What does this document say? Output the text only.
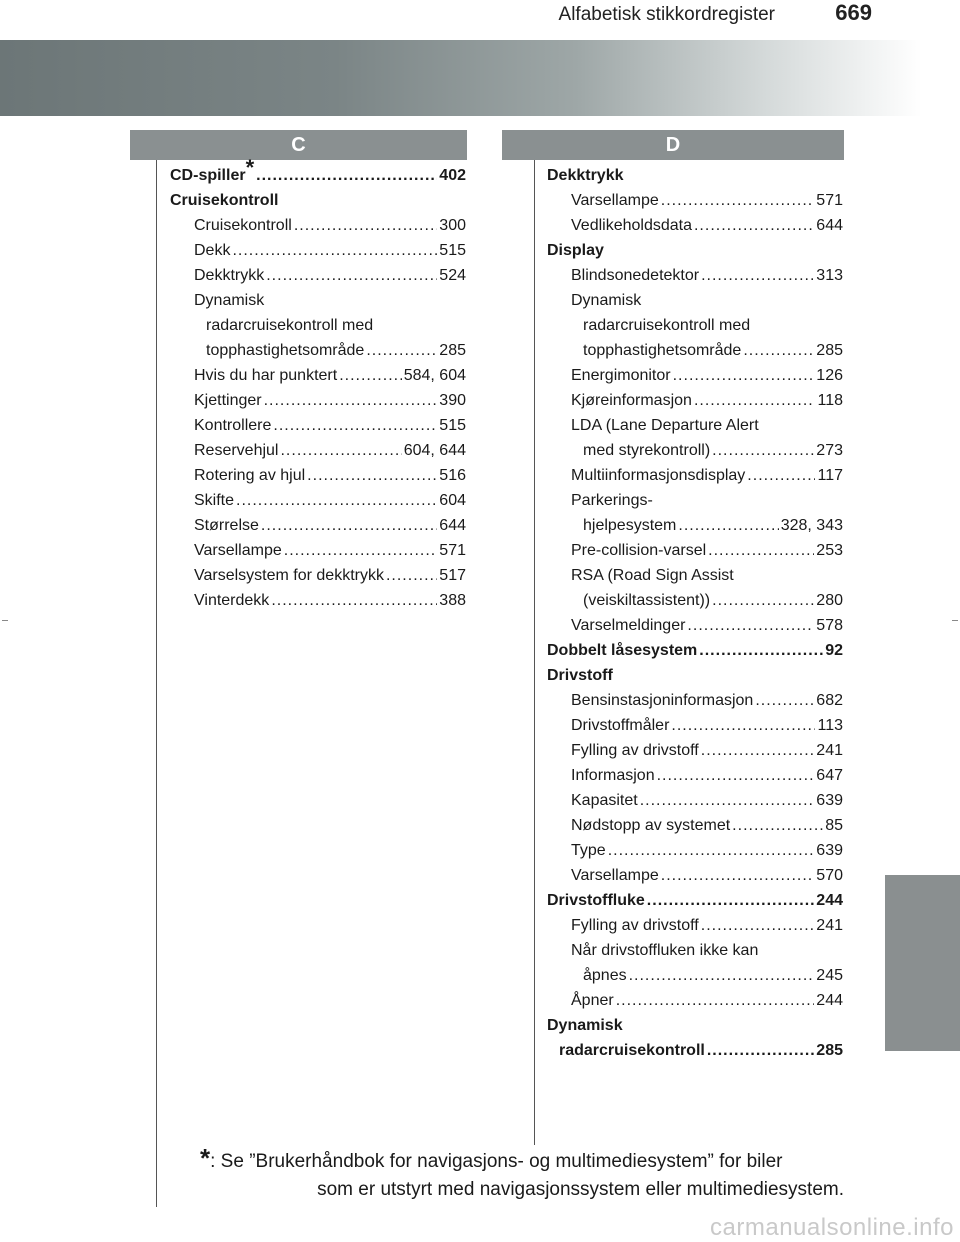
Alfabetisk stikkordregister	669
C	D
CD-spiller* .....	402
Cruisekontroll
Cruisekontroll .....	300
Dekk .....	515
Dekktrykk .....	524
Dynamisk
radarcruisekontroll med
topphastighetsområde .....	285
Hvis du har punktert .....	584, 604
Kjettinger .....	390
Kontrollere .....	515
Reservehjul .....	604, 644
Rotering av hjul .....	516
Skifte .....	604
Størrelse .....	644
Varsellampe .....	571
Varselsystem for dekktrykk .....	517
Vinterdekk .....	388
Dekktrykk
Varsellampe .....	571
Vedlikeholdsdata .....	644
Display
Blindsonedetektor .....	313
Dynamisk
radarcruisekontroll med
topphastighetsområde .....	285
Energimonitor .....	126
Kjøreinformasjon .....	118
LDA (Lane Departure Alert
med styrekontroll) .....	273
Multiinformasjonsdisplay .....	117
Parkerings-
hjelpesystem .....	328, 343
Pre-collision-varsel .....	253
RSA (Road Sign Assist
(veiskiltassistent)) .....	280
Varselmeldinger .....	578
Dobbelt låsesystem .....	92
Drivstoff
Bensinstasjoninformasjon .....	682
Drivstoffmåler .....	113
Fylling av drivstoff .....	241
Informasjon .....	647
Kapasitet .....	639
Nødstopp av systemet .....	85
Type .....	639
Varsellampe .....	570
Drivstoffluke .....	244
Fylling av drivstoff .....	241
Når drivstoffluken ikke kan
åpnes .....	245
Åpner .....	244
Dynamisk
radarcruisekontroll .....	285
*: Se ”Brukerhåndbok for navigasjons- og multimediesystem” for biler
som er utstyrt med navigasjonssystem eller multimediesystem.
carmanualsonline.info
